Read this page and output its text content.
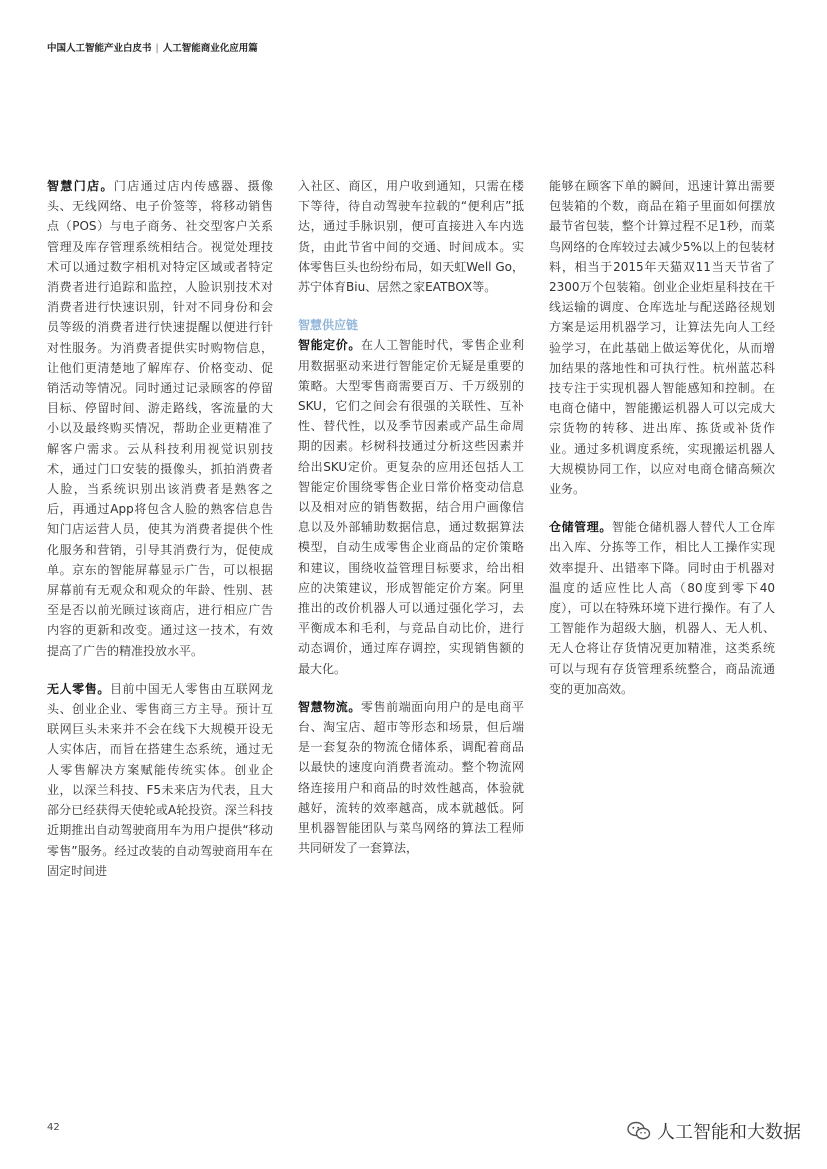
中国人工智能产业白皮书 | 人工智能商业化应用篇

智慧门店。门店通过店内传感器、摄像头、无线网络、电子价签等，将移动销售点（POS）与电子商务、社交型客户关系管理及库存管理系统相结合。视觉处理技术可以通过数字相机对特定区域或者特定消费者进行追踪和监控，人脸识别技术对消费者进行快速识别，针对不同身份和会员等级的消费者进行快速提醒以便进行针对性服务。为消费者提供实时购物信息，让他们更清楚地了解库存、价格变动、促销活动等情况。同时通过记录顾客的停留目标、停留时间、游走路线，客流量的大小以及最终购买情况，帮助企业更精准了解客户需求。云从科技利用视觉识别技术，通过门口安装的摄像头，抓拍消费者人脸，当系统识别出该消费者是熟客之后，再通过App将包含人脸的熟客信息告知门店运营人员，使其为消费者提供个性化服务和营销，引导其消费行为，促使成单。京东的智能屏幕显示广告，可以根据屏幕前有无观众和观众的年龄、性别、甚至是否以前光顾过该商店，进行相应广告内容的更新和改变。通过这一技术，有效提高了广告的精准投放水平。

无人零售。目前中国无人零售由互联网龙头、创业企业、零售商三方主导。预计互联网巨头未来并不会在线下大规模开设无人实体店，而旨在搭建生态系统，通过无人零售解决方案赋能传统实体。创业企业，以深兰科技、F5未来店为代表，且大部分已经获得天使轮或A轮投资。深兰科技近期推出自动驾驶商用车为用户提供“移动零售”服务。经过改装的自动驾驶商用车在固定时间进

入社区、商区，用户收到通知，只需在楼下等待，待自动驾驶车拉载的“便利店”抵达，通过手脉识别，便可直接进入车内选货，由此节省中间的交通、时间成本。实体零售巨头也纷纷布局，如天虹Well Go，苏宁体育Biu、居然之家EATBOX等。

智慧供应链

智能定价。在人工智能时代，零售企业利用数据驱动来进行智能定价无疑是重要的策略。大型零售商需要百万、千万级别的SKU，它们之间会有很强的关联性、互补性、替代性，以及季节因素或产品生命周期的因素。杉树科技通过分析这些因素并给出SKU定价。更复杂的应用还包括人工智能定价围绕零售企业日常价格变动信息以及相对应的销售数据，结合用户画像信息以及外部辅助数据信息，通过数据算法模型，自动生成零售企业商品的定价策略和建议，围绕收益管理目标要求，给出相应的决策建议，形成智能定价方案。阿里推出的改价机器人可以通过强化学习，去平衡成本和毛利，与竞品自动比价，进行动态调价，通过库存调控，实现销售额的最大化。

智慧物流。零售前端面向用户的是电商平台、淘宝店、超市等形态和场景，但后端是一套复杂的物流仓储体系，调配着商品以最快的速度向消费者流动。整个物流网络连接用户和商品的时效性越高，体验就越好，流转的效率越高，成本就越低。阿里机器智能团队与菜鸟网络的算法工程师共同研发了一套算法，

能够在顾客下单的瞬间，迅速计算出需要包装箱的个数，商品在箱子里面如何摆放最节省包装，整个计算过程不足1秒，而菜鸟网络的仓库较过去减少5%以上的包装材料，相当于2015年天猫双11当天节省了2300万个包装箱。创业企业炬星科技在干线运输的调度、仓库选址与配送路径规划方案是运用机器学习，让算法先向人工经验学习，在此基础上做运筹优化，从而增加结果的落地性和可执行性。杭州蓝芯科技专注于实现机器人智能感知和控制。在电商仓储中，智能搬运机器人可以完成大宗货物的转移、进出库、拣货或补货作业。通过多机调度系统，实现搬运机器人大规模协同工作，以应对电商仓储高频次业务。

仓储管理。智能仓储机器人替代人工仓库出入库、分拣等工作，相比人工操作实现效率提升、出错率下降。同时由于机器对温度的适应性比人高（80度到零下40度），可以在特殊环境下进行操作。有了人工智能作为超级大脑，机器人、无人机、无人仓将让存货情况更加精准，这类系统可以与现有存货管理系统整合，商品流通变的更加高效。

42	人工智能和大数据
